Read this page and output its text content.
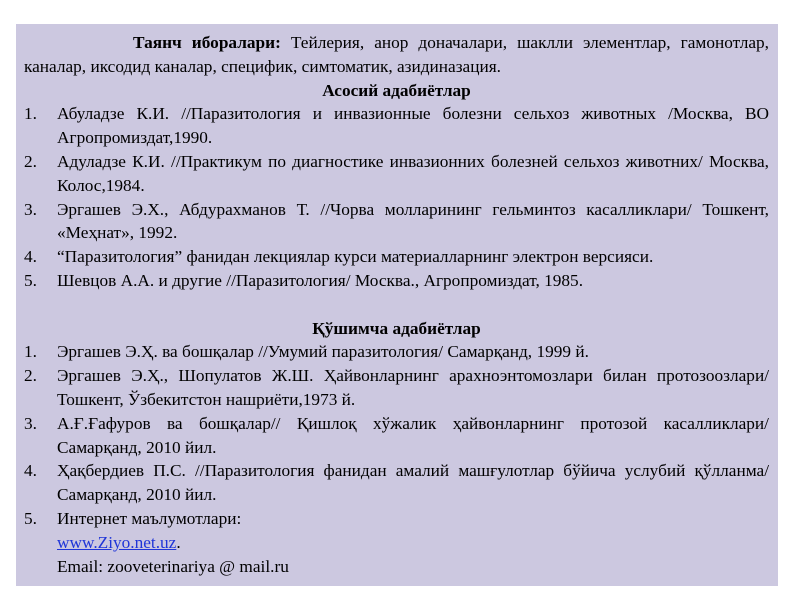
Таянч иборалари: Тейлерия, анор доначалари, шаклли элементлар, гамонотлар, каналар, иксодид каналар, специфик, симтоматик, азидиназация.
Асосий адабиётлар
1.	Абуладзе К.И. //Паразитология и инвазионные болезни сельхоз животных /Москва, ВО Агропромиздат,1990.
2.	Адуладзе К.И. //Практикум по диагностике инвазионних болезней сельхоз животних/ Москва, Колос,1984.
3.	Эргашев Э.Х., Абдурахманов Т. //Чорва молларининг гельминтоз касалликлари/ Тошкент, «Меҳнат», 1992.
4.	“Паразитология” фанидан лекциялар курси материалларнинг электрон версияси.
5.	Шевцов А.А. и другие //Паразитология/ Москва., Агропромиздат, 1985.
Қўшимча адабиётлар
1.	Эргашев Э.Ҳ. ва бошқалар //Умумий паразитология/ Самарқанд, 1999 й.
2.	Эргашев Э.Ҳ., Шопулатов Ж.Ш. Ҳайвонларнинг арахноэнтомозлари билан протозоозлари/Тошкент, Ўзбекитстон нашриёти,1973 й.
3.	А.Ғ.Ғафуров ва бошқалар// Қишлоқ хўжалик ҳайвонларнинг протозой касалликлари/ Самарқанд, 2010 йил.
4.	Ҳақбердиев П.С. //Паразитология фанидан амалий машғулотлар бўйича услубий қўлланма/ Самарқанд, 2010 йил.
5.	Интернет маълумотлари:
www.Ziyo.net.uz.
Email: zooveterinariya @ mail.ru
